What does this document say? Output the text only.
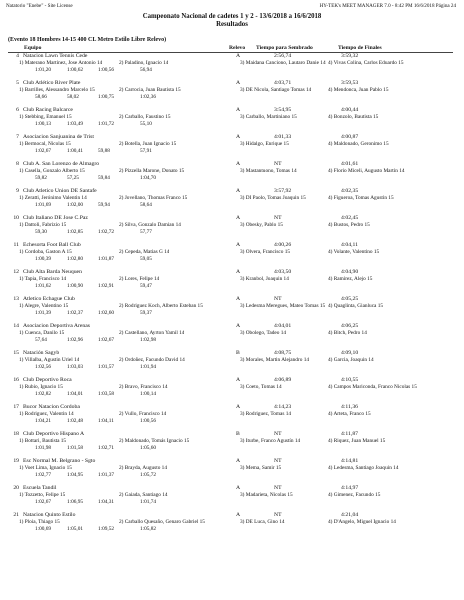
Natatorio "Enebe" - Site License	HY-TEK's MEET MANAGER 7.0 - 8:42 PM 16/6/2018 Página 24
Campeonato Nacional de cadetes 1 y 2 - 13/6/2018 a 16/6/2018
Resultados
(Evento 18 Hombres 14-15 400 CL Metro Estilo Libre Relevo)
Equipo	Relevo Tiempo para Sembrado	Tiempo de Finales
4 Natacion Lawn Tennis Cede	A	2:56,74	3:59,32
1) Materano Martinez, Jose Antonio 14	2) Paladino, Ignacio 14	3) Maidana Canciono, Lautaro Danie 14 4) Vivas Colina, Carlos Eduardo 15
1:01,20	1:00,62	1:00,56	56,94
5 Club Atlético River Plate	A	4:03,71	3:59,53
1) Barrilles, Alessandro Marcelo 15	2) Carrocia, Juan Bautista 15	3) DE Nicola, Santiago Tomas 14	4) Mendonca, Juan Pablo 15
58,66	58,02	1:00,75	1:02,36
6 Club Racing Balcarce	A	3:54,95	4:00,44
1) Stebbing, Emanuel 15	2) Carballo, Faustino 15	3) Carballo, Martiniano 15	4) Bonzolo, Bautista 15
1:00,13	1:03,49	1:01,72	55,10
7 Asociacion Sanjuanina de Trist	A	4:01,33	4:00,87
1) Bermocal, Nicolas 15	2) Botella, Juan Ignacio 15	3) Hidalgo, Enrique 15	4) Maldonado, Geronimo 15
1:02,67	1:00,41	59,88	57,91
8 Club A. San Lorenzo de Almagro	A	NT	4:01,61
1) Casella, Gonzalo Alberto 15	2) Pizzella Marone, Donato 15	3) Mastantuono, Tomas 14	4) Florio Miceli, Augusto Martin 14
59,82	57,25	59,84	1:04,70
9 Club Atletico Union DE Santafe	A	3:57,92	4:02,35
1) Zeratti, Jerónimo Valentin 14	2) Jovellano, Thomas Franco 15	3) DI Paolo, Tomas Joaquin 15	4) Figueroa, Tomas Agustin 15
1:01,69	1:02,00	59,94	58,64
10 Club Italiano DE Jose C.Paz	A	NT	4:02,45
1) Dattoli, Fabrizio 15	2) Silva, Gonzalo Damian 14	3) Obesky, Pablo 15	4) Bustos, Pedro 15
59,30	1:02,85	1:02,72	57,77
11 Echesorta Foot Ball Club	A	4:00,26	4:04,11
1) Cordoba, Gaston A 15	2) Cepeda, Matias G 14	3) Olvera, Francisco 15	4) Volante, Valentino 15
1:00,39	1:02,80	1:01,87	59,05
12 Club Alta Barda Neuquen	A	4:03,50	4:04,90
1) Tapia, Francisco 14	2) Lores, Felipe 14	3) Kranbol, Joaquin 14	4) Ramirez, Alejo 15
1:01,62	1:00,90	1:02,91	59,47
13 Atletico Echague Club	A	NT	4:05,25
1) Alegre, Valentino 15	2) Rodriguez Koch, Alberto Esteban 15	3) Ledesma Meregues, Mateo Tomas 15 4) Quaglinta, Gianluca 15
1:01,39	1:02,37	1:02,60	59,37
14 Asociacion Deportiva Arenas	A	4:04,01	4:06,25
1) Cuenca, Danilo 15	2) Castellano, Ayrton Yamil 14	3) Obolego, Tadeo 14	4) Bitch, Pedro 14
57,64	1:02,96	1:02,67	1:02,98
15 Natación Sagyb	B	4:08,75	4:09,10
1) Villalba, Agustin Uriel 14	2) Ordoñez, Facundo David 14	3) Morales, Martin Alejandro 14	4) Garcia, Joaquin 14
1:02,56	1:03,03	1:01,57	1:01,94
16 Club Deportivo Roca	A	4:06,89	4:10,55
1) Rubio, Ignacio 15	2) Bravo, Francisco 14	3) Coeto, Tomas 14	4) Campos Mariconda, Franco Nicolas 15
1:02,82	1:04,01	1:03,58	1:00,14
17 Bucor Natacion Cordoba	A	4:14,23	4:11,36
1) Rodriguez, Valentin 14	2) Vullo, Francisco 14	3) Rodriguez, Tomas 14	4) Arteta, Franco 15
1:04,21	1:02,48	1:04,11	1:00,56
18 Club Deportivo Hispano A	B	NT	4:11,87
1) Bottari, Bautista 15	2) Maldonado, Tomás Ignacio 15	3) Iturbe, Franco Agustín 14	4) Riquez, Juan Manuel 15
1:01,98	1:01,58	1:02,71	1:05,60
19 Esc Normal M. Belgrano - Sgto	A	NT	4:14,81
1) Voet Lima, Ignacio 15	2) Brayda, Augusto 14	3) Mema, Samir 15	4) Ledesma, Santiago Joaquin 14
1:02,77	1:04,95	1:01,37	1:05,72
20 Escuela Tandil	A	NT	4:14,97
1) Tozzetto, Felipe 15	2) Gaiada, Santiago 14	3) Madarieta, Nicolas 15	4) Gimenez, Facundo 15
1:02,67	1:06,95	1:04,31	1:01,74
21 Natacion Quinto Estilo	A	NT	4:21,04
1) Ploia, Thiago 15	2) Carballo Quesaño, Genaro Gabriel 15	3) DE Luca, Gino 14	4) D'Angelo, Miguel Ignacio 14
1:00,69	1:05,01	1:09,52	1:05,82
